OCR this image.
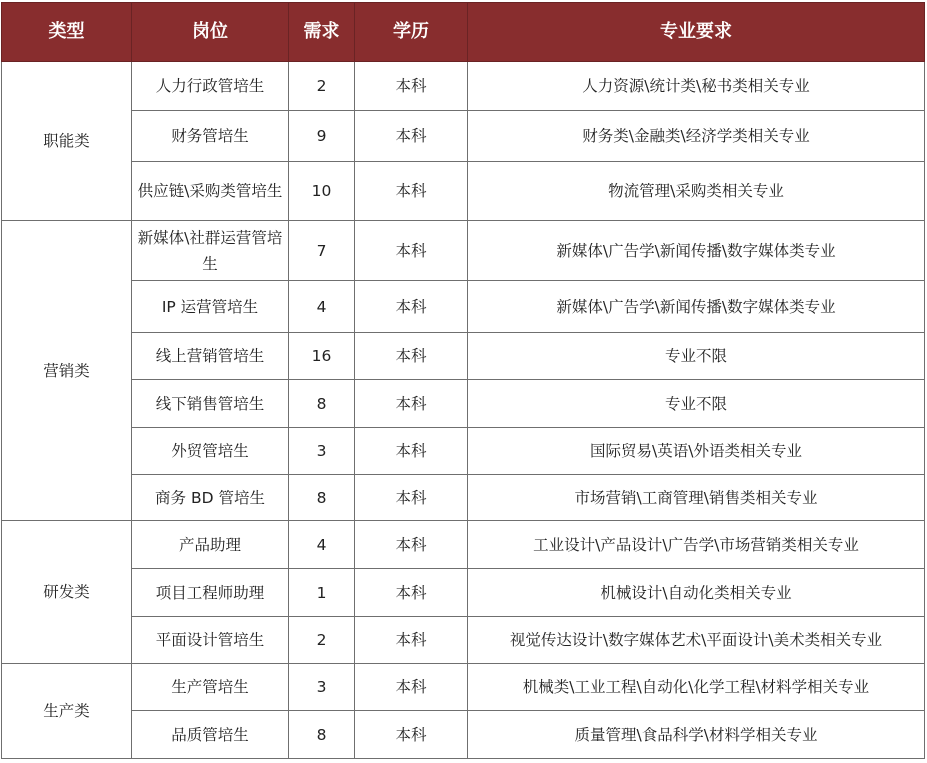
类型	岗位	需求	学历	专业要求
职能类	人力行政管培生	2	本科	人力资源\统计类\秘书类相关专业
	财务管培生	9	本科	财务类\金融类\经济学类相关专业
	供应链\采购类管培生	10	本科	物流管理\采购类相关专业
营销类	新媒体\社群运营管培生	7	本科	新媒体\广告学\新闻传播\数字媒体类专业
	IP 运营管培生	4	本科	新媒体\广告学\新闻传播\数字媒体类专业
	线上营销管培生	16	本科	专业不限
	线下销售管培生	8	本科	专业不限
	外贸管培生	3	本科	国际贸易\英语\外语类相关专业
	商务 BD 管培生	8	本科	市场营销\工商管理\销售类相关专业
研发类	产品助理	4	本科	工业设计\产品设计\广告学\市场营销类相关专业
	项目工程师助理	1	本科	机械设计\自动化类相关专业
	平面设计管培生	2	本科	视觉传达设计\数字媒体艺术\平面设计\美术类相关专业
生产类	生产管培生	3	本科	机械类\工业工程\自动化\化学工程\材料学相关专业
	品质管培生	8	本科	质量管理\食品科学\材料学相关专业
